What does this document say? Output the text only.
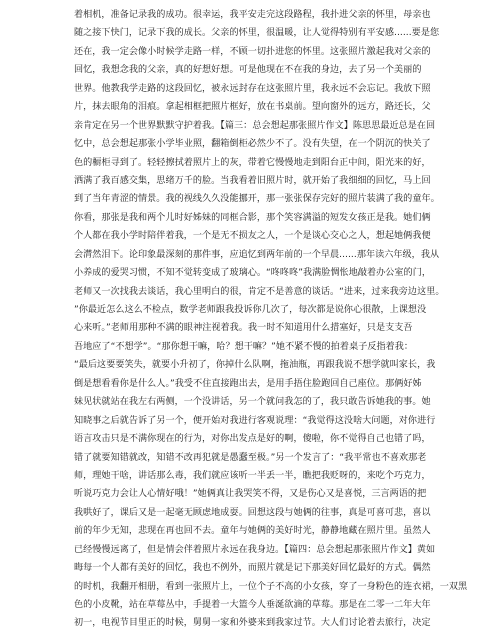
着相机，准备记录我的成功。很幸运，我平安走完这段路程，我扑进父亲的怀里，母亲也
随之接下快门，记录下我的成长。父亲的怀里，很温暖，让人觉得特别有平安感......要是您
还在，我一定会像小时候学走路一样，不顾一切扑进您的怀里。这张照片激起我对父亲的
回忆，我想念我的父亲，真的好想好想。可是他现在不在我的身边，去了另一个美丽的
世界。他教我学走路的这段回忆，被永远封存在这张照片里，我永远不会忘记。我放下照
片，抹去眼角的泪痕。拿起相框把照片框好，放在书桌前。望向窗外的远方，路还长，父
亲肯定在另一个世界默默守护着我。【篇三：总会想起那张照片作文】陈思思最近总是在回
忆中，总会想起那张小学毕业照，翻箱倒柜必然少不了。没有失望，在一个阴沉的快关了
色的橱柜寻到了。轻轻擦拭着照片上的灰，带着它慢慢地走到阳台正中间，阳光来的好，
洒满了我百感交集，思绪万千的脸。当我看着旧照片时，就开始了我细细的回忆，马上回
到了当年青涩的情景。我的视线久久没能挪开，那一张张保存完好的照片装满了我的童年。
你看，那张是我和两个儿时好姊妹的同框合影，那个笑容满溢的短发女孩正是我。她们俩
个人都在我小学时陪伴着我，一个是无不损友之人，一个是谈心交心之人，想起她俩我便
会潸然泪下。论印象最深刻的那件事，应追忆到两年前的一个早晨......那年读六年级，我从
小养成的爱哭习惯，不知不觉转变成了玻璃心。“咚咚咚”我满脸惆怅地敲着办公室的门，
老师又一次找我去谈话，我心里明白的很，肯定不是善意的谈话。“进来，过来我旁边这里。
”你最近怎么这么不检点，数学老师跟我投诉你几次了，每次都是说你心很散，上课想没
心来听。”老师用那种不满的眼神注视着我。我一时不知道用什么措塞好，只是支支吾
吾地应了“不想学”。“那你想干嘛，哈？想干嘛？”她不紧不慢的拍着桌子反指着我：
“最后这要要笑失，就要小升初了，你掉什么队啊，拖油瓶，再跟我说不想学就叫家长，我
倒是想看看你是什么人。”我受不住直接跑出去，是用手捂住脸跑回自己座位。那俩好姊
妹见状就站在我左右两侧，一个没讲话，另一个就问我怎的了，我只敢告诉她我的事。她
知晓事之后就告诉了另一个，便开始对我进行客观说理：“我觉得这没啥大问题，对你进行
语言攻击只是不满你现在的行为，对你出发点是好的啊，傻啦，你不觉得自己也错了吗，
错了就要知错就改，知错不改再犯就是愚蠢至极。”另一个发言了：“我平常也不喜欢那老
师，理她干啥，讲话那么毒，我们就应该听一半丢一半，瞧把我贬呀的，来吃个巧克力，
听说巧克力会让人心情好哦！”她俩真让我哭笑不得，又是伤心又是喜悦，三言两语的把
我哄好了，课后又是一起毫无顾虑地成耍。回想这段与她俩的往事，真是可喜可悲，喜以
前的年少无知，悲现在再也回不去。童年与她俩的美好时光，静静地藏在照片里。虽然人
已经慢慢远离了，但是情会伴着照片永远在我身边。【篇四：总会想起那张照片作文】黄如
晦每一个人都有美好的回忆，我也不例外，而照片就是记下那美好回忆最好的方式。偶然
的时机，我翻开相册，看到一张照片上，一位个子不高的小女孩，穿了一身粉色的连衣裙，一双黑
色的小皮靴，站在草莓丛中，手提着一大篮今人垂涎欲滴的草莓。那是在二零一二年大年
初一，电视节目里正的时候，舅舅一家和外婆来到我家过节。大人们讨论着去旅行，决定
